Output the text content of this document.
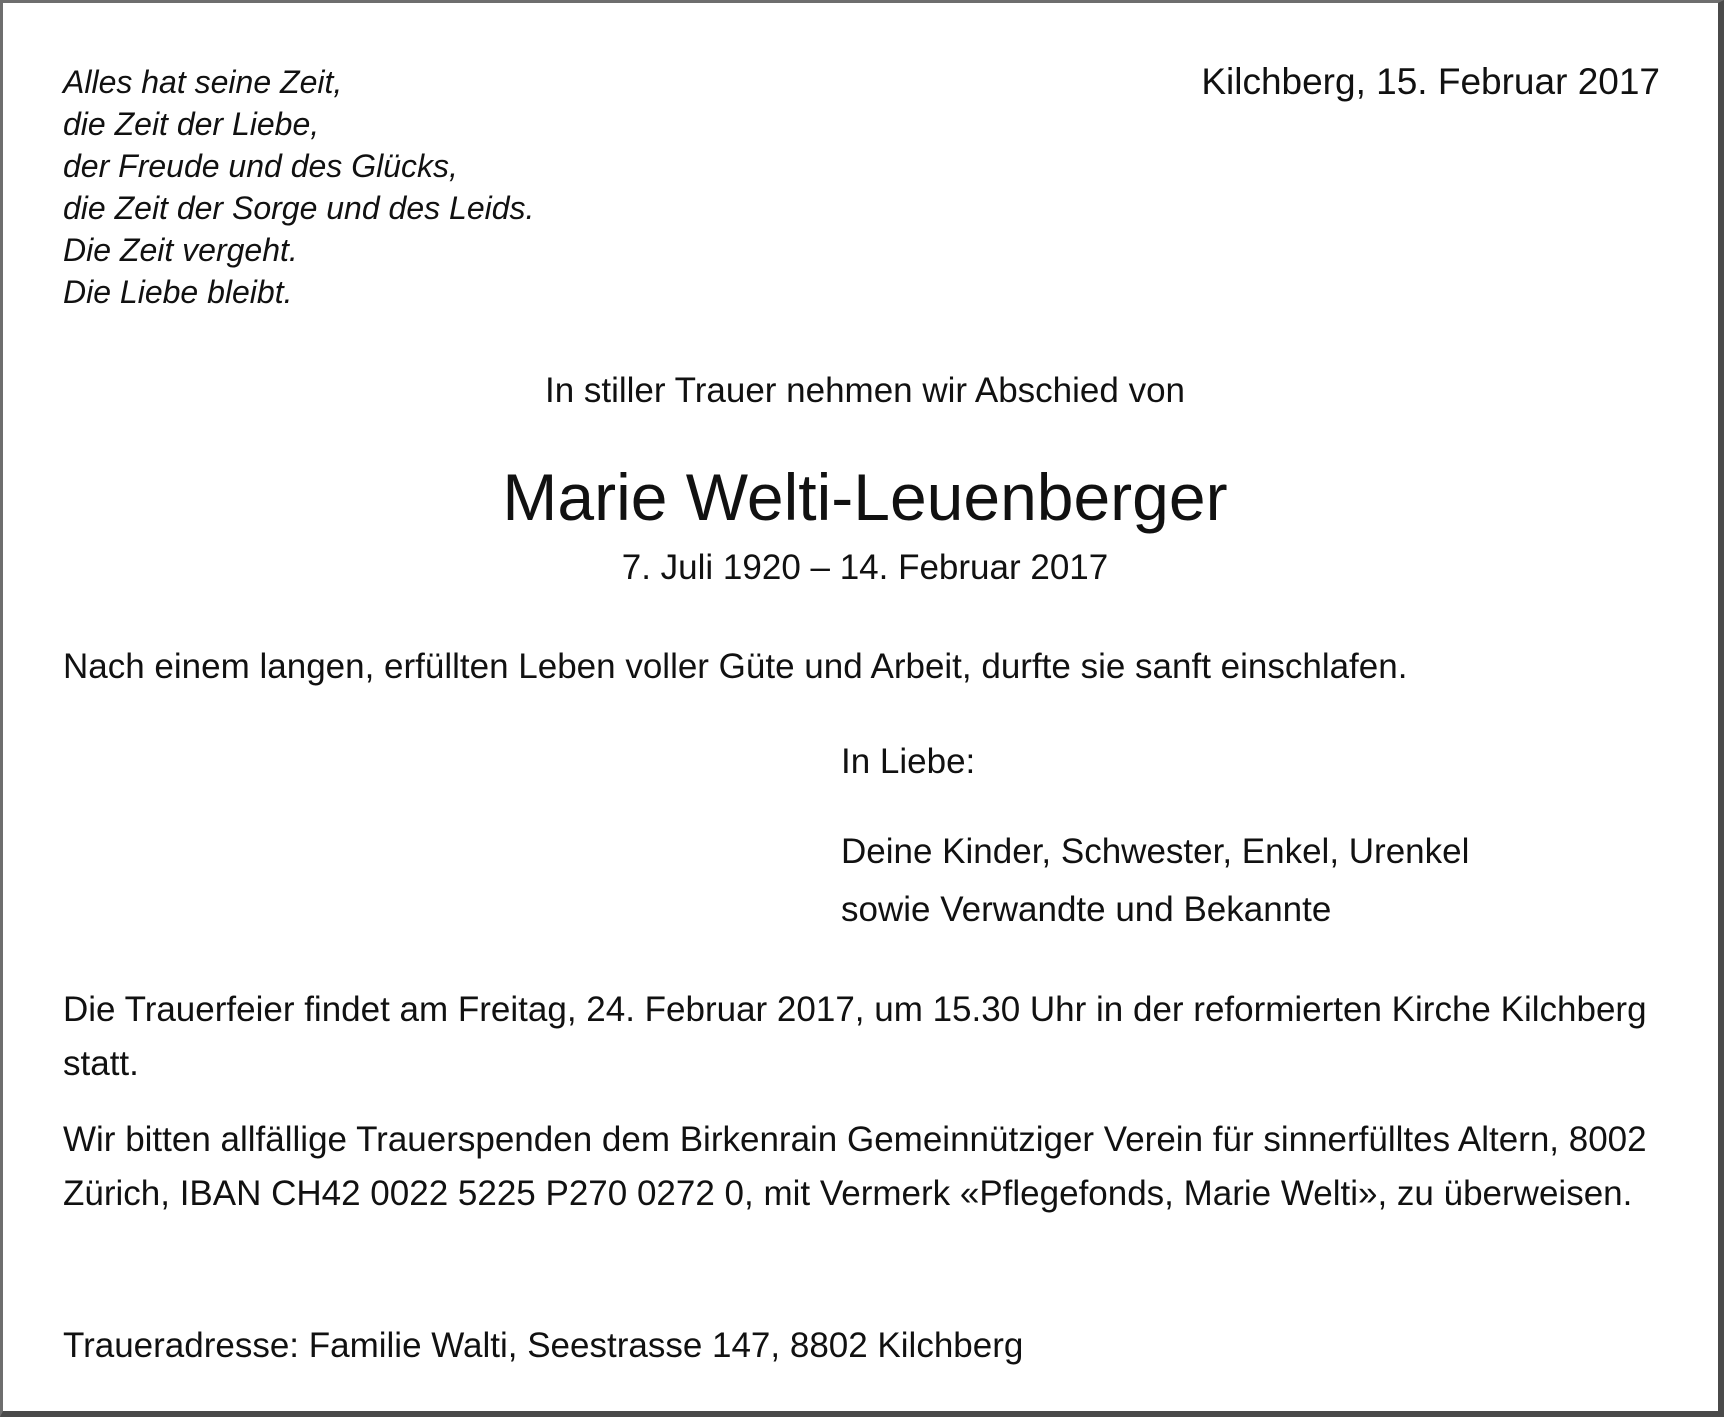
Alles hat seine Zeit,
die Zeit der Liebe,
der Freude und des Glücks,
die Zeit der Sorge und des Leids.
Die Zeit vergeht.
Die Liebe bleibt.
Kilchberg, 15. Februar 2017
In stiller Trauer nehmen wir Abschied von
Marie Welti-Leuenberger
7. Juli 1920 – 14. Februar 2017
Nach einem langen, erfüllten Leben voller Güte und Arbeit, durfte sie sanft einschlafen.
In Liebe:
Deine Kinder, Schwester, Enkel, Urenkel
sowie Verwandte und Bekannte
Die Trauerfeier findet am Freitag, 24. Februar 2017, um 15.30 Uhr in der reformierten Kirche Kilchberg statt.
Wir bitten allfällige Trauerspenden dem Birkenrain Gemeinnütziger Verein für sinnerfülltes Altern, 8002 Zürich, IBAN CH42 0022 5225 P270 0272 0, mit Vermerk «Pflegefonds, Marie Welti», zu überweisen.
Traueradresse: Familie Walti, Seestrasse 147, 8802 Kilchberg
